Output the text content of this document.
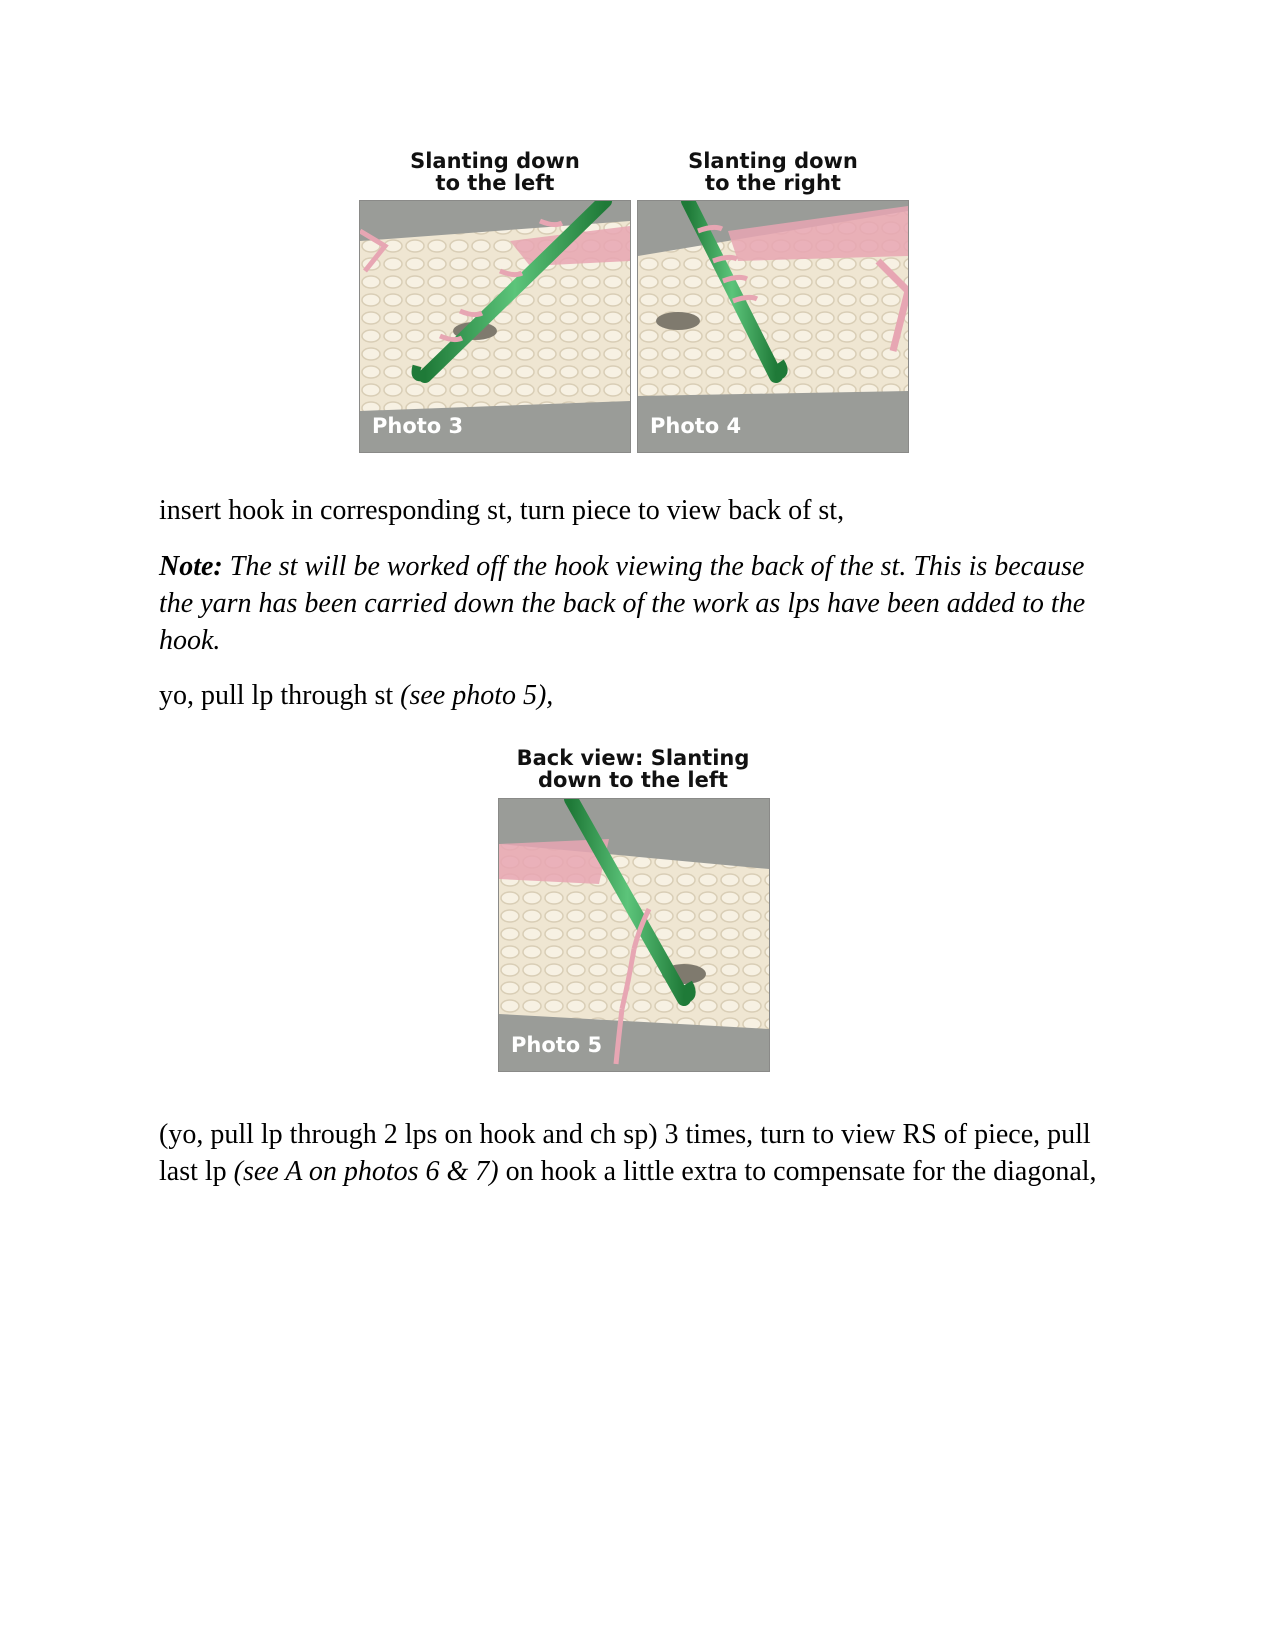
Slanting down
to the left
Slanting down
to the right
Photo 3	Photo 4

insert hook in corresponding st, turn piece to view back of st,

Note: The st will be worked off the hook viewing the back of the st. This is because the yarn has been carried down the back of the work as lps have been added to the hook.

yo, pull lp through st (see photo 5),

Back view: Slanting
down to the left
Photo 5

(yo, pull lp through 2 lps on hook and ch sp) 3 times, turn to view RS of piece, pull last lp (see A on photos 6 & 7) on hook a little extra to compensate for the diagonal,
